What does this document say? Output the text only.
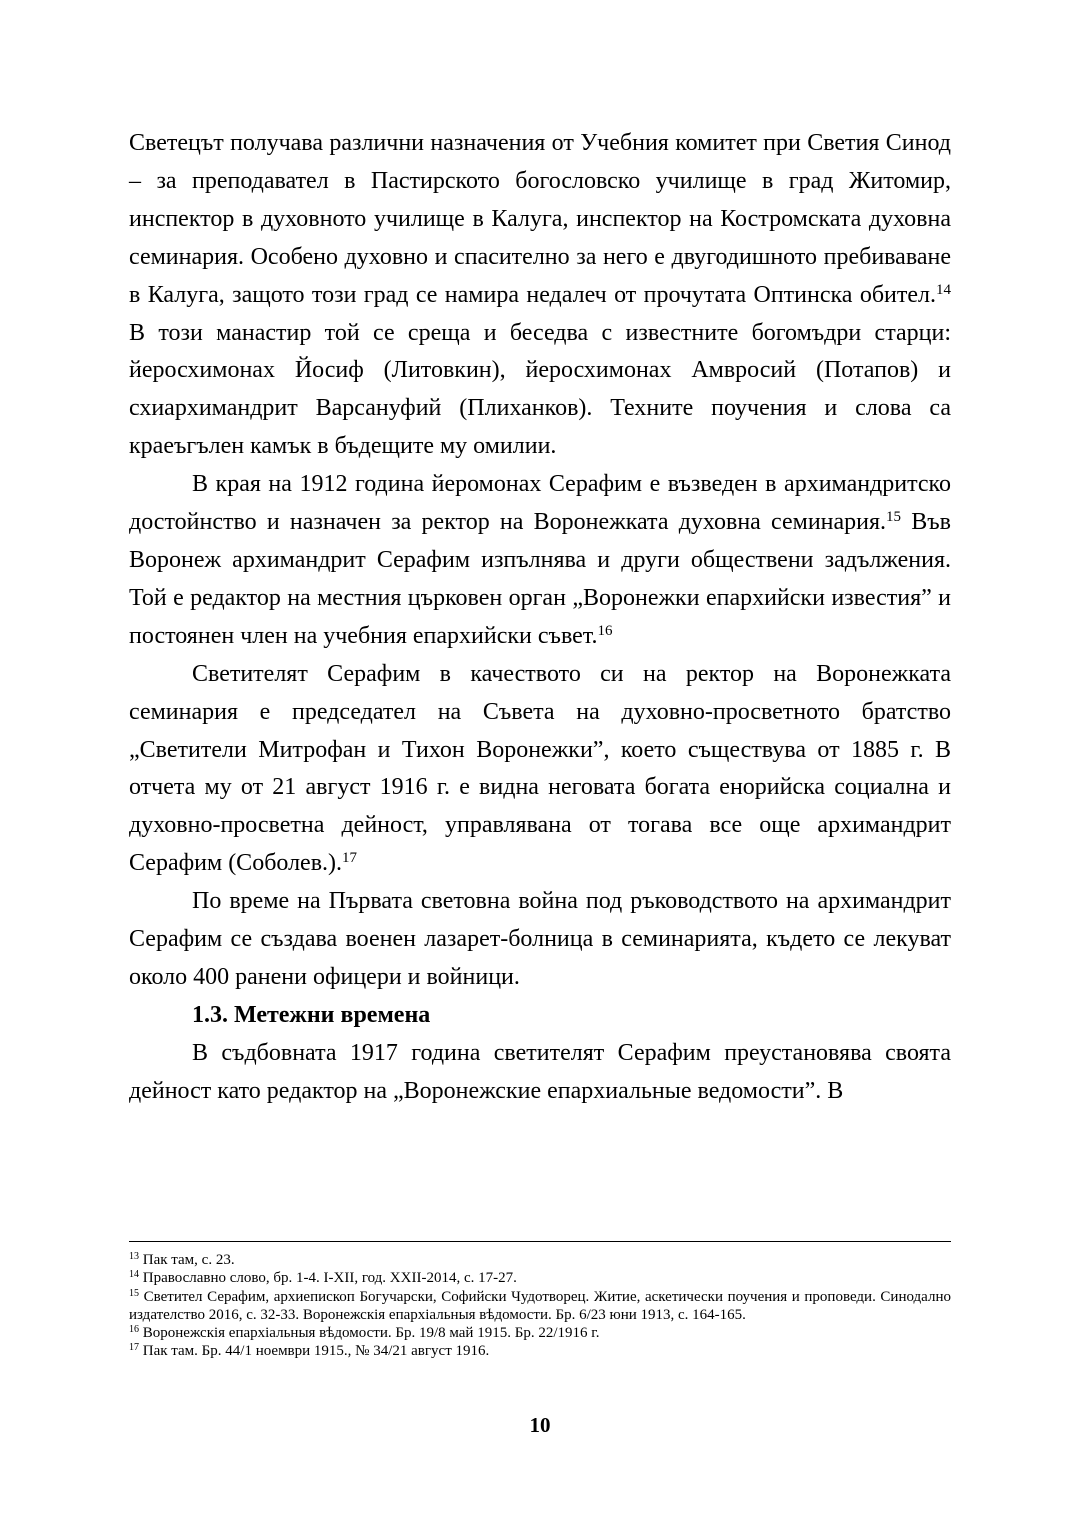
Светецът получава различни назначения от Учебния комитет при Светия Синод – за преподавател в Пастирското богословско училище в град Житомир, инспектор в духовното училище в Калуга, инспектор на Костромската духовна семинария. Особено духовно и спасително за него е двугодишното пребиваване в Калуга, защото този град се намира недалеч от прочутата Оптинска обител.$^{14}$ В този манастир той се среща и беседва с известните богомъдри старци: йеросхимонах Йосиф (Литовкин), йеросхимонах Амвросий (Потапов) и схиархимандрит Варсануфий (Плиханков). Техните поучения и слова са краеъгълен камък в бъдещите му омилии.

В края на 1912 година йеромонах Серафим е възведен в архимандритско достойнство и назначен за ректор на Воронежката духовна семинария.$^{15}$ Във Воронеж архимандрит Серафим изпълнява и други обществени задължения. Той е редактор на местния църковен орган „Воронежки епархийски известия” и постоянен член на учебния епархийски съвет.$^{16}$

Светителят Серафим в качеството си на ректор на Воронежката семинария е председател на Съвета на духовно-просветното братство „Светители Митрофан и Тихон Воронежки”, което съществува от 1885 г. В отчета му от 21 август 1916 г. е видна неговата богата енорийска социална и духовно-просветна дейност, управлявана от тогава все още архимандрит Серафим (Соболев.).$^{17}$

По време на Първата световна война под ръководството на архимандрит Серафим се създава военен лазарет-болница в семинарията, където се лекуват около 400 ранени офицери и войници.

1.3. Метежни времена

В съдбовната 1917 година светителят Серафим преустановява своята дейност като редактор на „Воронежские епархиальные ведомости”. В

$^{13}$ Пак там, с. 23.

$^{14}$ Православно слово, бр. 1-4. I-XII, год. XXII-2014, с. 17-27.

$^{15}$ Светител Серафим, архиепископ Богучарски, Софийски Чудотворец. Житие, аскетически поучения и проповеди. Синодално издателство 2016, с. 32-33. Воронежскія епархіальныя вѣдомости. Бр. 6/23 юни 1913, с. 164-165.

$^{16}$ Воронежскія епархіальныя вѣдомости. Бр. 19/8 май 1915. Бр. 22/1916 г.

$^{17}$ Пак там. Бр. 44/1 ноември 1915., № 34/21 август 1916.

10
